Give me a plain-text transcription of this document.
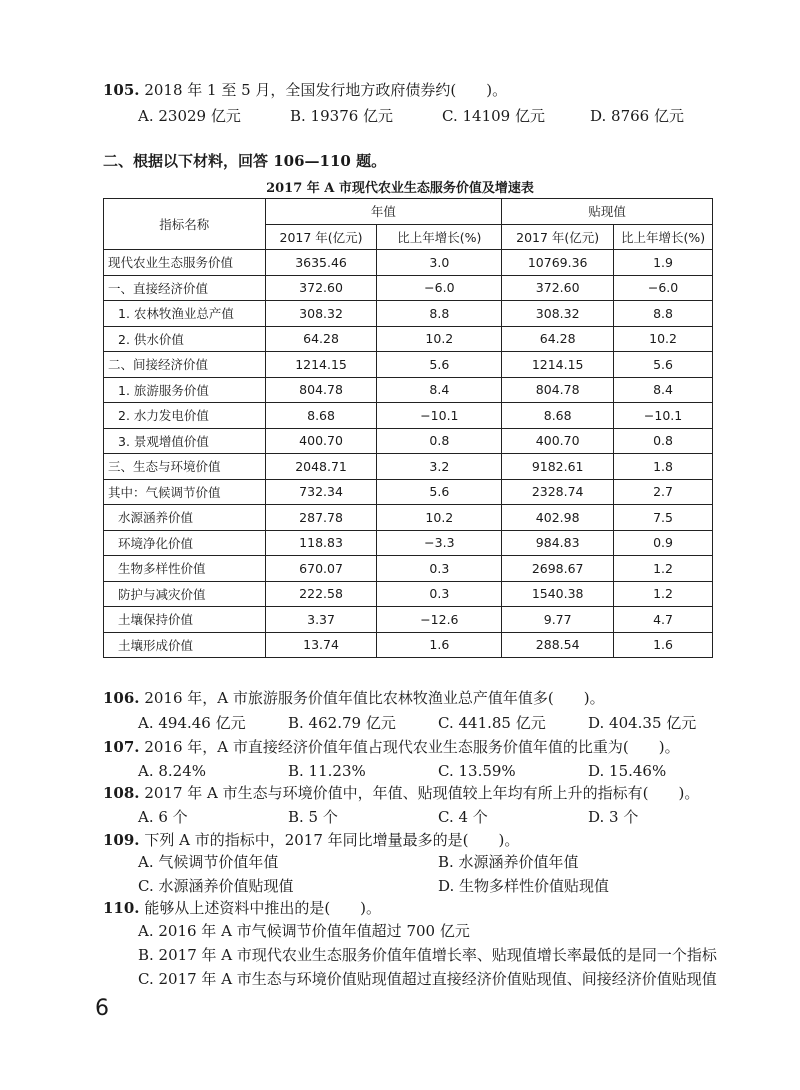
105. 2018 年 1 至 5 月，全国发行地方政府债券约(　　)。
A. 23029 亿元	B. 19376 亿元	C. 14109 亿元	D. 8766 亿元
二、根据以下材料，回答 106—110 题。
2017 年 A 市现代农业生态服务价值及增速表
指标名称	年值		贴现值	
	2017 年(亿元)	比上年增长(%)	2017 年(亿元)	比上年增长(%)
现代农业生态服务价值	3635.46	3.0	10769.36	1.9
一、直接经济价值	372.60	−6.0	372.60	−6.0
1. 农林牧渔业总产值	308.32	8.8	308.32	8.8
2. 供水价值	64.28	10.2	64.28	10.2
二、间接经济价值	1214.15	5.6	1214.15	5.6
1. 旅游服务价值	804.78	8.4	804.78	8.4
2. 水力发电价值	8.68	−10.1	8.68	−10.1
3. 景观增值价值	400.70	0.8	400.70	0.8
三、生态与环境价值	2048.71	3.2	9182.61	1.8
其中：气候调节价值	732.34	5.6	2328.74	2.7
水源涵养价值	287.78	10.2	402.98	7.5
环境净化价值	118.83	−3.3	984.83	0.9
生物多样性价值	670.07	0.3	2698.67	1.2
防护与减灾价值	222.58	0.3	1540.38	1.2
土壤保持价值	3.37	−12.6	9.77	4.7
土壤形成价值	13.74	1.6	288.54	1.6
106. 2016 年，A 市旅游服务价值年值比农林牧渔业总产值年值多(　　)。
A. 494.46 亿元	B. 462.79 亿元	C. 441.85 亿元	D. 404.35 亿元
107. 2016 年，A 市直接经济价值年值占现代农业生态服务价值年值的比重为(　　)。
A. 8.24%	B. 11.23%	C. 13.59%	D. 15.46%
108. 2017 年 A 市生态与环境价值中，年值、贴现值较上年均有所上升的指标有(　　)。
A. 6 个	B. 5 个	C. 4 个	D. 3 个
109. 下列 A 市的指标中，2017 年同比增量最多的是(　　)。
A. 气候调节价值年值	B. 水源涵养价值年值
C. 水源涵养价值贴现值	D. 生物多样性价值贴现值
110. 能够从上述资料中推出的是(　　)。
A. 2016 年 A 市气候调节价值年值超过 700 亿元
B. 2017 年 A 市现代农业生态服务价值年值增长率、贴现值增长率最低的是同一个指标
C. 2017 年 A 市生态与环境价值贴现值超过直接经济价值贴现值、间接经济价值贴现值
6
